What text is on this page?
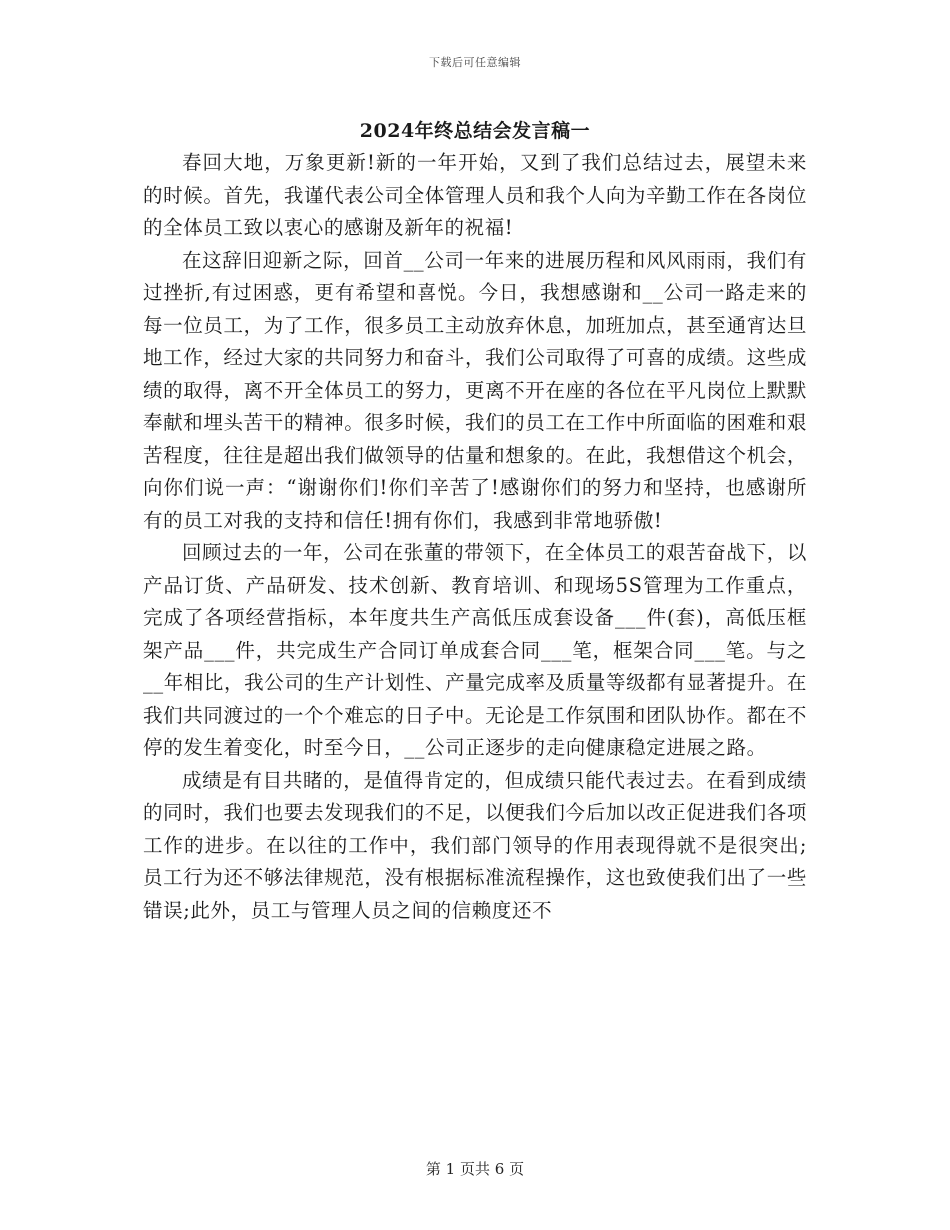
下载后可任意编辑
2024年终总结会发言稿一

春回大地，万象更新!新的一年开始，又到了我们总结过去，展望未来的时候。首先，我谨代表公司全体管理人员和我个人向为辛勤工作在各岗位的全体员工致以衷心的感谢及新年的祝福!

在这辞旧迎新之际，回首__公司一年来的进展历程和风风雨雨，我们有过挫折,有过困惑，更有希望和喜悦。今日，我想感谢和__公司一路走来的每一位员工，为了工作，很多员工主动放弃休息，加班加点，甚至通宵达旦地工作，经过大家的共同努力和奋斗，我们公司取得了可喜的成绩。这些成绩的取得，离不开全体员工的努力，更离不开在座的各位在平凡岗位上默默奉献和埋头苦干的精神。很多时候，我们的员工在工作中所面临的困难和艰苦程度，往往是超出我们做领导的估量和想象的。在此，我想借这个机会，向你们说一声：“谢谢你们!你们辛苦了!感谢你们的努力和坚持，也感谢所有的员工对我的支持和信任!拥有你们，我感到非常地骄傲!

回顾过去的一年，公司在张董的带领下，在全体员工的艰苦奋战下，以产品订货、产品研发、技术创新、教育培训、和现场5S管理为工作重点，完成了各项经营指标，本年度共生产高低压成套设备___件(套)，高低压框架产品___件，共完成生产合同订单成套合同___笔，框架合同___笔。与之__年相比，我公司的生产计划性、产量完成率及质量等级都有显著提升。在我们共同渡过的一个个难忘的日子中。无论是工作氛围和团队协作。都在不停的发生着变化，时至今日，__公司正逐步的走向健康稳定进展之路。

成绩是有目共睹的，是值得肯定的，但成绩只能代表过去。在看到成绩的同时，我们也要去发现我们的不足，以便我们今后加以改正促进我们各项工作的进步。在以往的工作中，我们部门领导的作用表现得就不是很突出;员工行为还不够法律规范，没有根据标准流程操作，这也致使我们出了一些错误;此外，员工与管理人员之间的信赖度还不

第 1 页共 6 页
